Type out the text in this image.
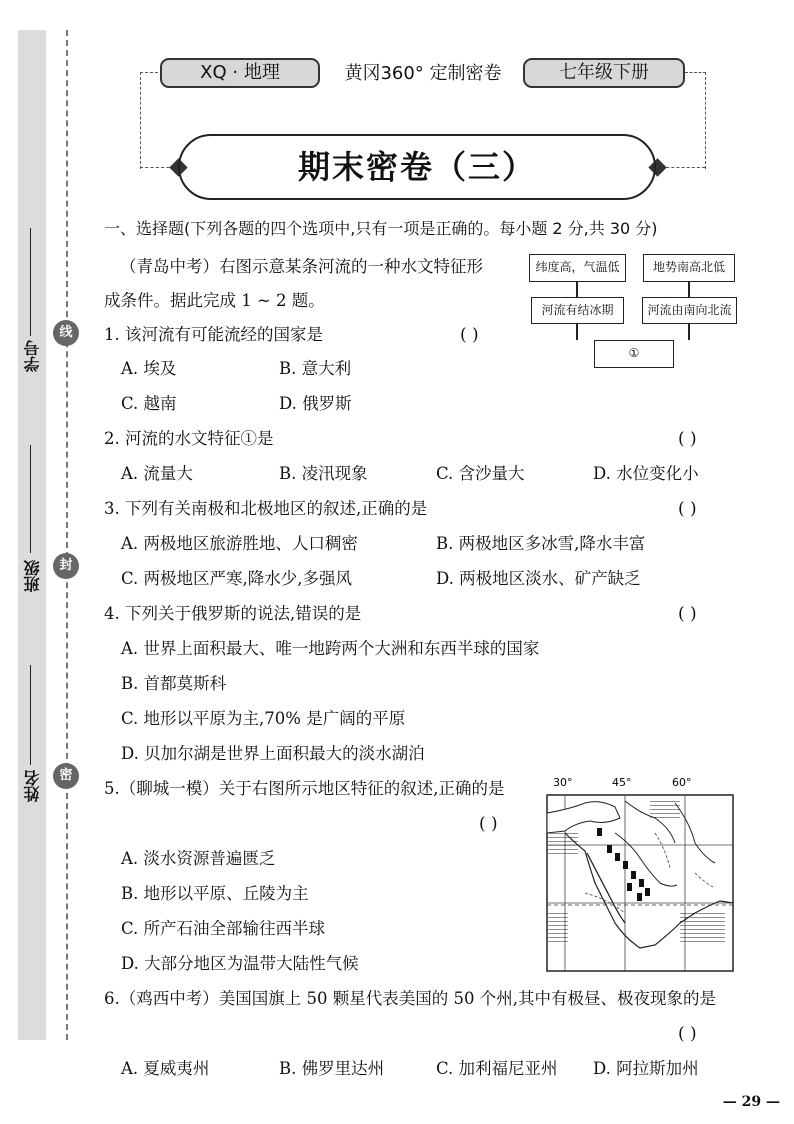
学号
班级
姓名
线
封
密
XQ · 地理	黄冈360° 定制密卷	七年级下册
期末密卷（三）
一、选择题(下列各题的四个选项中,只有一项是正确的。每小题 2 分,共 30 分)
（青岛中考）右图示意某条河流的一种水文特征形
成条件。据此完成 1 ~ 2 题。
纬度高，气温低	地势南高北低
河流有结冰期	河流由南向北流
①
1. 该河流有可能流经的国家是	( )
A. 埃及	B. 意大利
C. 越南	D. 俄罗斯
2. 河流的水文特征①是	( )
A. 流量大	B. 凌汛现象	C. 含沙量大	D. 水位变化小
3. 下列有关南极和北极地区的叙述,正确的是	( )
A. 两极地区旅游胜地、人口稠密	B. 两极地区多冰雪,降水丰富
C. 两极地区严寒,降水少,多强风	D. 两极地区淡水、矿产缺乏
4. 下列关于俄罗斯的说法,错误的是	( )
A. 世界上面积最大、唯一地跨两个大洲和东西半球的国家
B. 首都莫斯科
C. 地形以平原为主,70% 是广阔的平原
D. 贝加尔湖是世界上面积最大的淡水湖泊
5.（聊城一模）关于右图所示地区特征的叙述,正确的是
( )
A. 淡水资源普遍匮乏
B. 地形以平原、丘陵为主
C. 所产石油全部输往西半球
D. 大部分地区为温带大陆性气候
30°	45°	60°
6.（鸡西中考）美国国旗上 50 颗星代表美国的 50 个州,其中有极昼、极夜现象的是
( )
A. 夏威夷州	B. 佛罗里达州	C. 加利福尼亚州 D. 阿拉斯加州
— 29 —
